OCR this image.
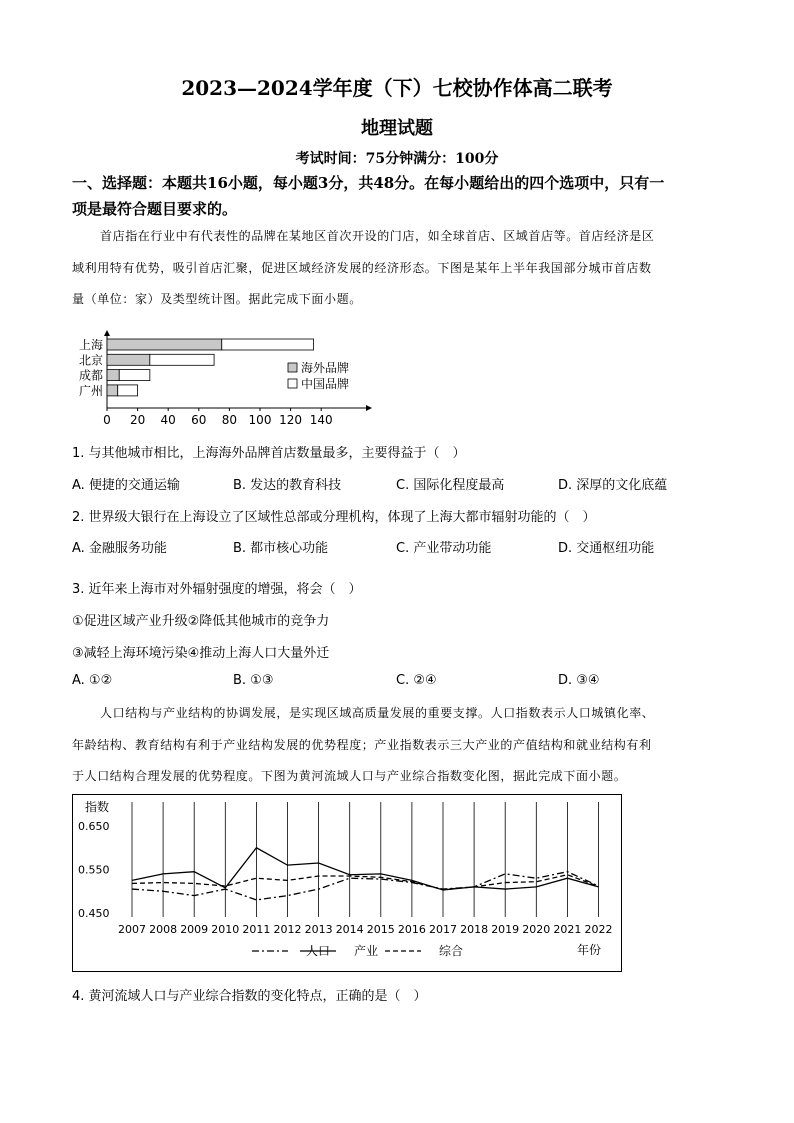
2023—2024学年度（下）七校协作体高二联考
地理试题
考试时间：75分钟满分：100分
一、选择题：本题共16小题，每小题3分，共48分。在每小题给出的四个选项中，只有一
项是最符合题目要求的。
首店指在行业中有代表性的品牌在某地区首次开设的门店，如全球首店、区域首店等。首店经济是区
域利用特有优势，吸引首店汇聚，促进区域经济发展的经济形态。下图是某年上半年我国部分城市首店数
量（单位：家）及类型统计图。据此完成下面小题。
0 20 40 60 80 100 120 140
上海
北京
成都
广州
海外品牌
中国品牌
1. 与其他城市相比，上海海外品牌首店数量最多，主要得益于（　）
A. 便捷的交通运输	B. 发达的教育科技	C. 国际化程度最高	D. 深厚的文化底蕴
2. 世界级大银行在上海设立了区域性总部或分理机构，体现了上海大都市辐射功能的（　）
A. 金融服务功能	B. 都市核心功能	C. 产业带动功能	D. 交通枢纽功能
3. 近年来上海市对外辐射强度的增强，将会（　）
①促进区域产业升级②降低其他城市的竞争力
③减轻上海环境污染④推动上海人口大量外迁
A. ①②	B. ①③	C. ②④	D. ③④
人口结构与产业结构的协调发展，是实现区域高质量发展的重要支撑。人口指数表示人口城镇化率、
年龄结构、教育结构有利于产业结构发展的优势程度；产业指数表示三大产业的产值结构和就业结构有利
于人口结构合理发展的优势程度。下图为黄河流域人口与产业综合指数变化图，据此完成下面小题。
指数
0.650
0.550
0.450
2007 2008 2009 2010 2011 2012 2013 2014 2015 2016 2017 2018 2019 2020 2021 2022
人口 产业	综合	年份
4. 黄河流域人口与产业综合指数的变化特点，正确的是（　）
